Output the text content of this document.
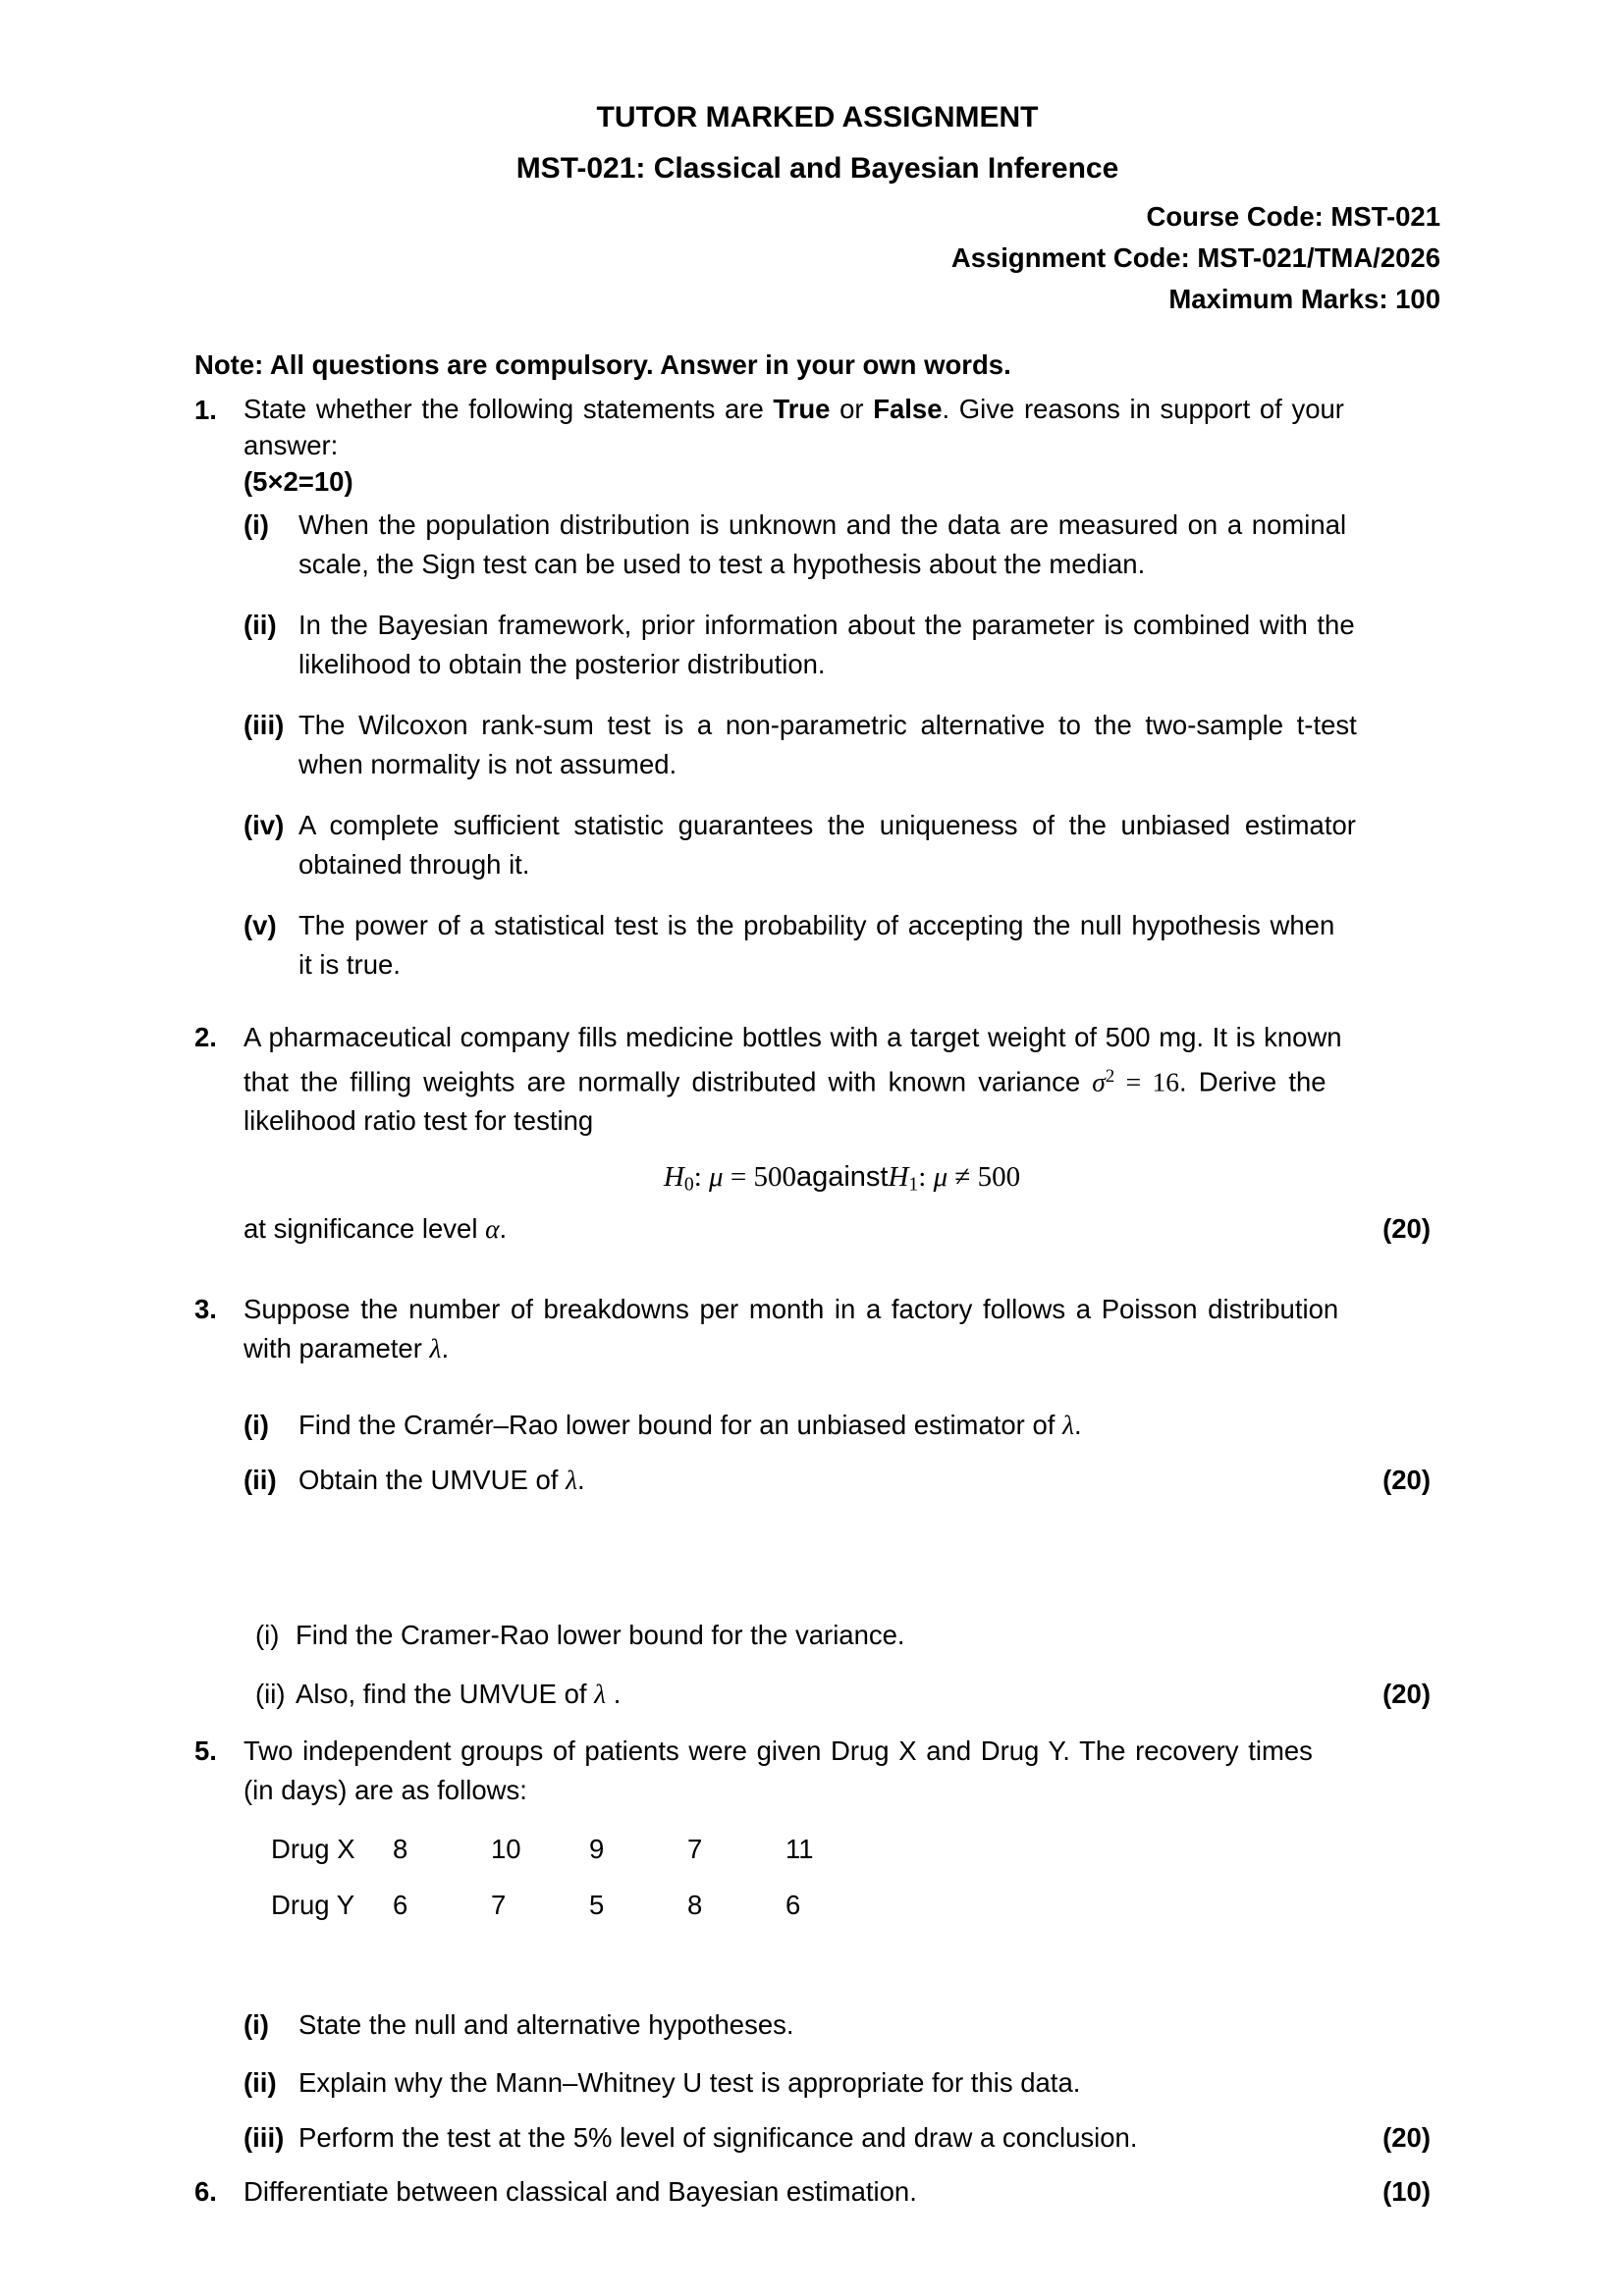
TUTOR MARKED ASSIGNMENT
MST-021: Classical and Bayesian Inference
Course Code: MST-021
Assignment Code: MST-021/TMA/2026
Maximum Marks: 100
Note: All questions are compulsory. Answer in your own words.
1. State whether the following statements are True or False. Give reasons in support of your
answer:
(5×2=10)
(i)	When the population distribution is unknown and the data are measured on a nominal
scale, the Sign test can be used to test a hypothesis about the median.
(ii) In the Bayesian framework, prior information about the parameter is combined with the
likelihood to obtain the posterior distribution.
(iii) The Wilcoxon rank-sum test is a non-parametric alternative to the two-sample t-test
when normality is not assumed.
(iv) A complete sufficient statistic guarantees the uniqueness of the unbiased estimator
obtained through it.
(v) The power of a statistical test is the probability of accepting the null hypothesis when
it is true.
2. A pharmaceutical company fills medicine bottles with a target weight of 500 mg. It is known
that the filling weights are normally distributed with known variance $\sigma^2 = 16$. Derive the
likelihood ratio test for testing
$H_0$: μ = 500againstH$_1$: μ ≠ 500
at significance level α.	(20)
3. Suppose the number of breakdowns per month in a factory follows a Poisson distribution
with parameter λ.
(i)	Find the Cramér–Rao lower bound for an unbiased estimator of λ.
(ii) Obtain the UMVUE of λ.	(20)
(i) Find the Cramer-Rao lower bound for the variance.
(ii) Also, find the UMVUE of λ .	(20)
5. Two independent groups of patients were given Drug X and Drug Y. The recovery times
(in days) are as follows:
Drug X	8	10	9	7	11
Drug Y	6	7	5	8	6
(i)	State the null and alternative hypotheses.
(ii) Explain why the Mann–Whitney U test is appropriate for this data.
(iii) Perform the test at the 5% level of significance and draw a conclusion.	(20)
6. Differentiate between classical and Bayesian estimation.	(10)
